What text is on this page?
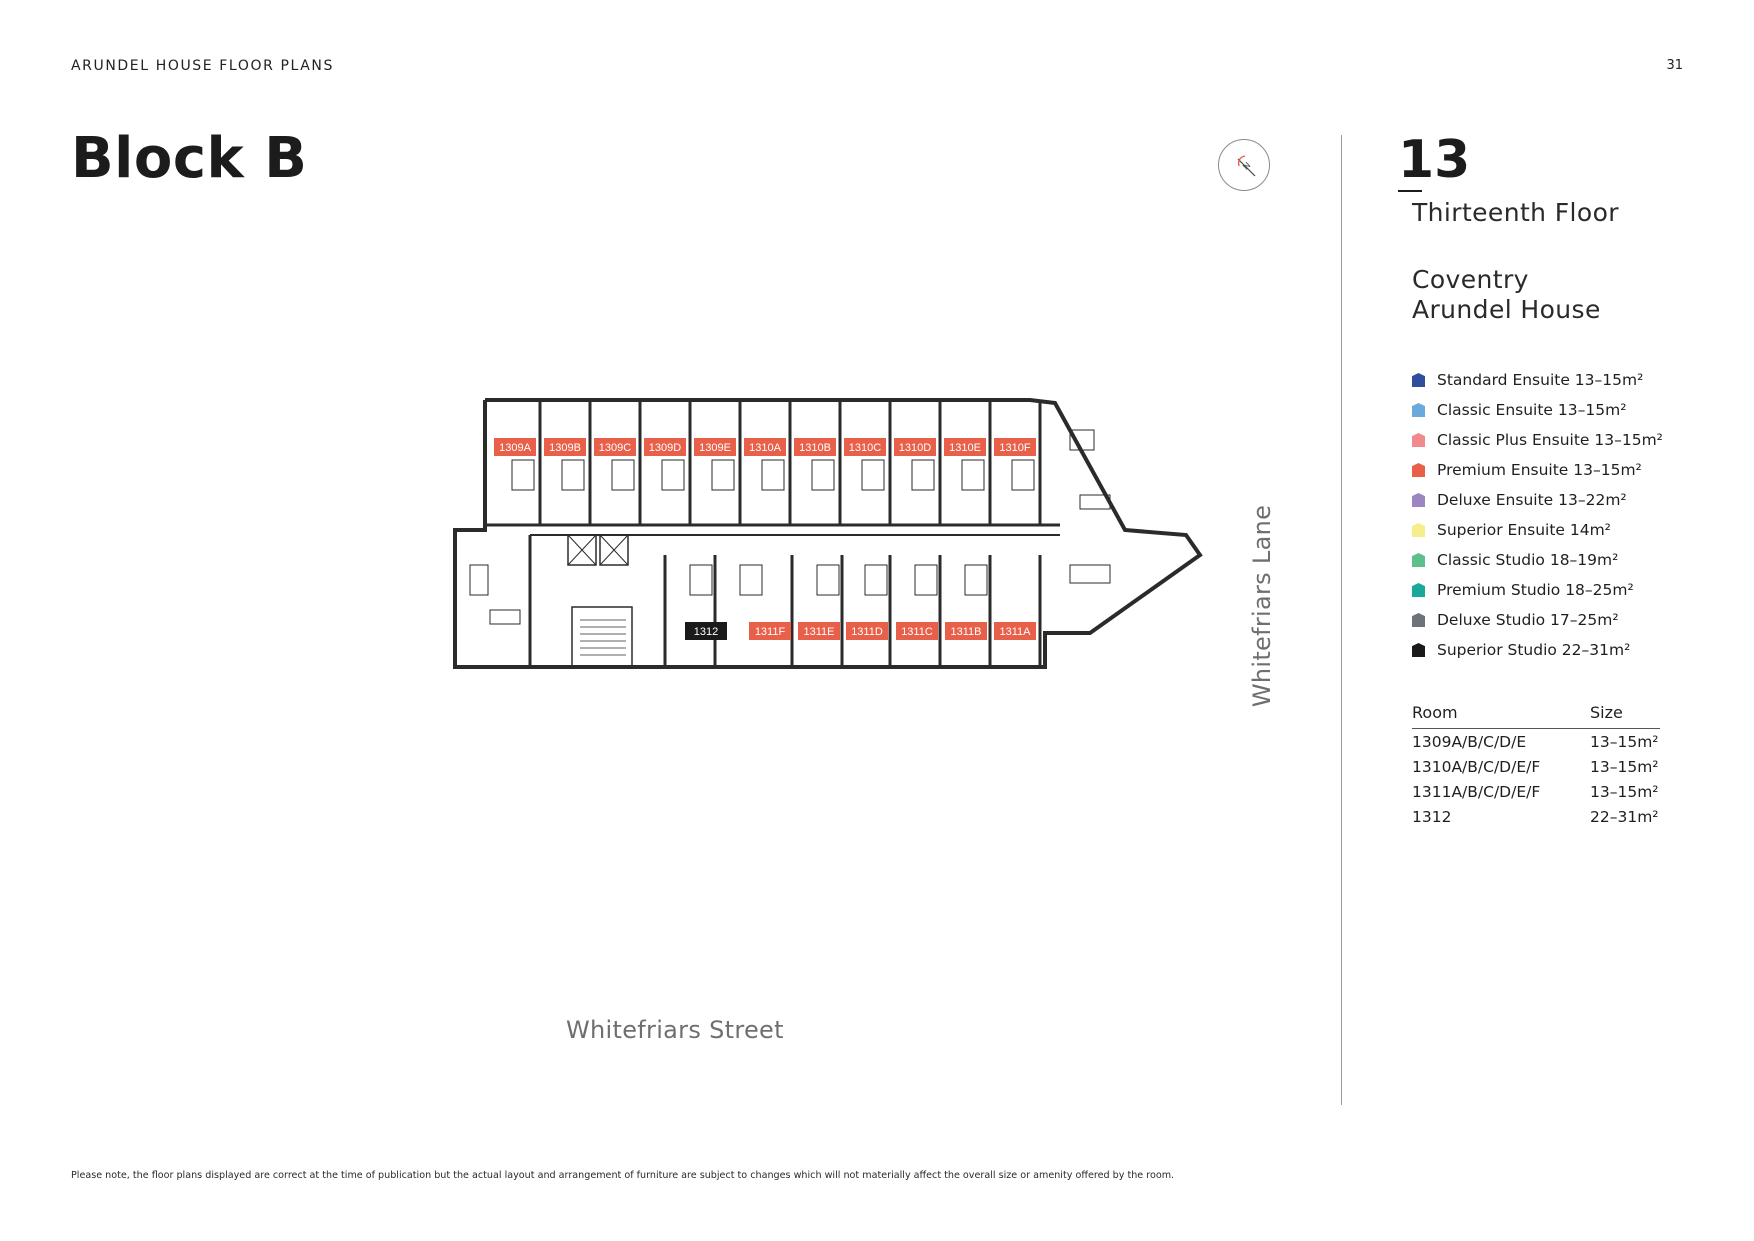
ARUNDEL HOUSE FLOOR PLANS	31
Block B	N
1309A 1309B 1309C 1309D 1309E 1310A 1310B 1310C 1310D 1310E 1310F
1312	1311F 1311E 1311D 1311C 1311B 1311A	Whitefriars Lane
Whitefriars Street
13
Thirteenth Floor
Coventry
Arundel House
Standard Ensuite 13–15m²
Classic Ensuite 13–15m²
Classic Plus Ensuite 13–15m²
Premium Ensuite 13–15m²
Deluxe Ensuite 13–22m²
Superior Ensuite 14m²
Classic Studio 18–19m²
Premium Studio 18–25m²
Deluxe Studio 17–25m²
Superior Studio 22–31m²
Room	Size
1309A/B/C/D/E	13–15m²
1310A/B/C/D/E/F	13–15m²
1311A/B/C/D/E/F	13–15m²
1312	22–31m²
Please note, the floor plans displayed are correct at the time of publication but the actual layout and arrangement of furniture are subject to changes which will not materially affect the overall size or amenity offered by the room.
